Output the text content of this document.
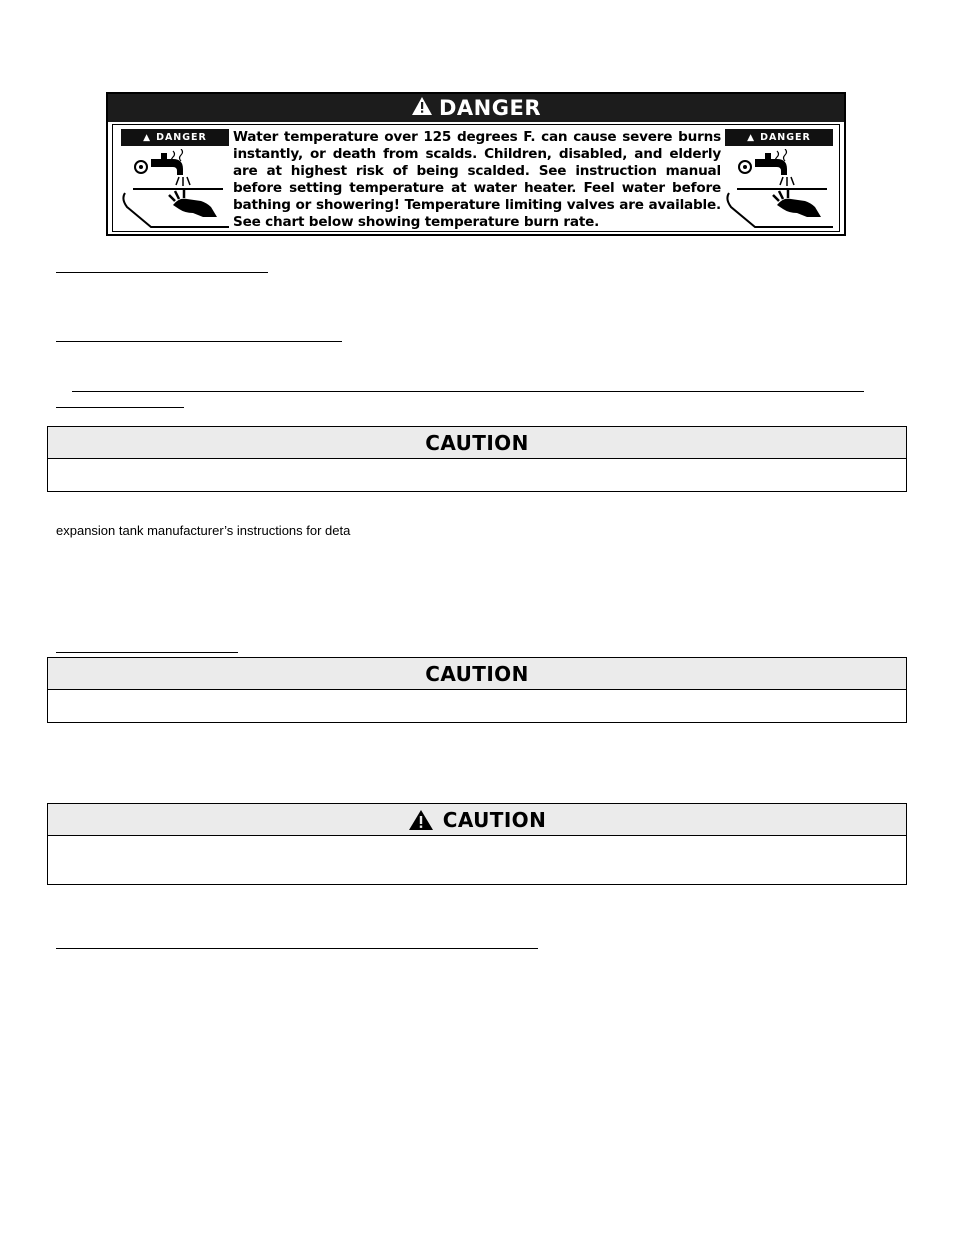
DANGER
▲ DANGER Water temperature over 125 degrees F. can cause severe burns instantly, or death from scalds. Children, disabled, and elderly are at highest risk of being scalded. See instruction manual before setting temperature at water heater. Feel water before bathing or showering! Temperature limiting valves are available. See chart below showing temperature burn rate.
▲ DANGER
CAUTION
expansion tank manufacturer’s instructions for deta
CAUTION
CAUTION
